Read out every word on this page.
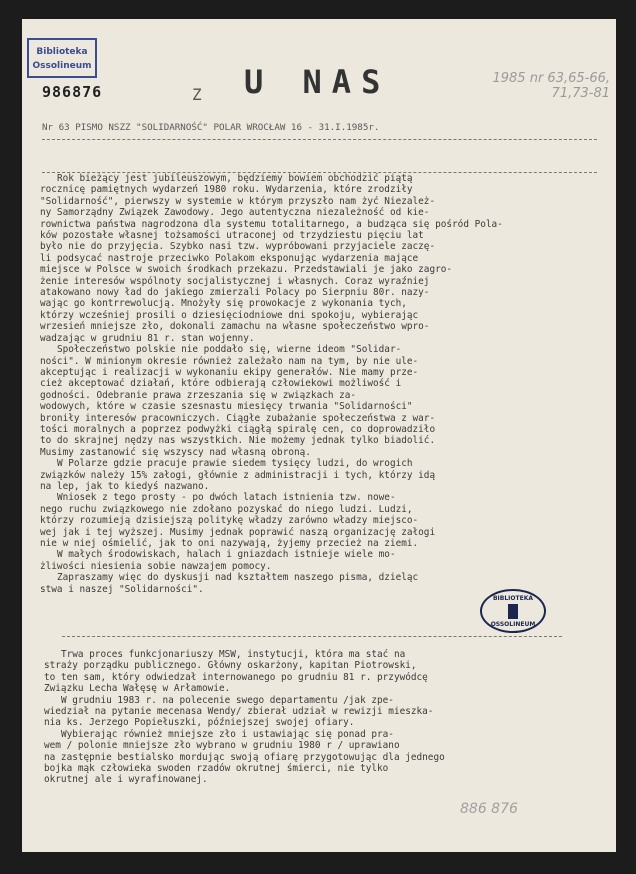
Biblioteka
Ossolineum
986876	Z U NAS	1985 nr 63,65-66,
71,73-81
Nr 63 PISMO NSZZ "SOLIDARNOŚĆ" POLAR WROCŁAW 16 - 31.I.1985r.
Rok bieżący jest jubileuszowym, będziemy bowiem obchodzić piątą
rocznicę pamiętnych wydarzeń 1980 roku. Wydarzenia, które zrodziły
"Solidarność", pierwszy w systemie w którym przyszło nam żyć Niezależ-
ny Samorządny Związek Zawodowy. Jego autentyczna niezależność od kie-
rownictwa państwa nagrodzona dla systemu totalitarnego, a budząca się pośród Pola-
ków pozostałe własnej tożsamości utraconej od trzydziestu pięciu lat
było nie do przyjęcia. Szybko nasi tzw. wypróbowani przyjaciele zaczę-
li podsycać nastroje przeciwko Polakom eksponując wydarzenia mające
miejsce w Polsce w swoich środkach przekazu. Przedstawiali je jako zagro-
żenie interesów wspólnoty socjalistycznej i własnych. Coraz wyraźniej
atakowano nowy ład do jakiego zmierzali Polacy po Sierpniu 80r. nazy-
wając go kontrrewolucją. Mnożyły się prowokacje z wykonania tych,
którzy wcześniej prosili o dziesięciodniowe dni spokoju, wybierając
wrzesień mniejsze zło, dokonali zamachu na własne społeczeństwo wpro-
wadzając w grudniu 81 r. stan wojenny.
Społeczeństwo polskie nie poddało się, wierne ideom "Solidar-
ności". W minionym okresie również zależało nam na tym, by nie ule-
akceptując i realizacji w wykonaniu ekipy generałów. Nie mamy prze-
cież akceptować działań, które odbierają człowiekowi możliwość i
godności. Odebranie prawa zrzeszania się w związkach za-
wodowych, które w czasie szesnastu miesięcy trwania "Solidarności"
broniły interesów pracowniczych. Ciągłe zubażanie społeczeństwa z war-
tości moralnych a poprzez podwyżki ciągłą spiralę cen, co doprowadziło
to do skrajnej nędzy nas wszystkich. Nie możemy jednak tylko biadolić.
Musimy zastanowić się wszyscy nad własną obroną.
W Polarze gdzie pracuje prawie siedem tysięcy ludzi, do wrogich
związków należy 15% załogi, głównie z administracji i tych, którzy idą
na lep, jak to kiedyś nazwano.
Wniosek z tego prosty - po dwóch latach istnienia tzw. nowe-
nego ruchu związkowego nie zdołano pozyskać do niego ludzi. Ludzi,
którzy rozumieją dzisiejszą politykę władzy zarówno władzy miejsco-
wej jak i tej wyższej. Musimy jednak poprawić naszą organizację załogi
nie w niej ośmielić, jak to oni nazywają, żyjemy przecież na ziemi.
W małych środowiskach, halach i gniazdach istnieje wiele mo-
żliwości niesienia sobie nawzajem pomocy.
Zapraszamy więc do dyskusji nad kształtem naszego pisma, dzieląc
stwa i naszej "Solidarności".
BIBLIOTEKA
OSSOLINEUM
Trwa proces funkcjonariuszy MSW, instytucji, która ma stać na
straży porządku publicznego. Główny oskarżony, kapitan Piotrowski,
to ten sam, który odwiedzał internowanego po grudniu 81 r. przywódcę
Związku Lecha Wałęsę w Arłamowie.
W grudniu 1983 r. na polecenie swego departamentu /jak zpe-
wiedział na pytanie mecenasa Wendy/ zbierał udział w rewizji mieszka-
nia ks. Jerzego Popiełuszki, późniejszej swojej ofiary.
Wybierając również mniejsze zło i ustawiając się ponad pra-
wem / polonie mniejsze zło wybrano w grudniu 1980 r / uprawiano
na zastępnie bestialsko mordując swoją ofiarę przygotowując dla jednego
bojka mąk człowieka swoden rzadów okrutnej śmierci, nie tylko
okrutnej ale i wyrafinowanej.
886 876
